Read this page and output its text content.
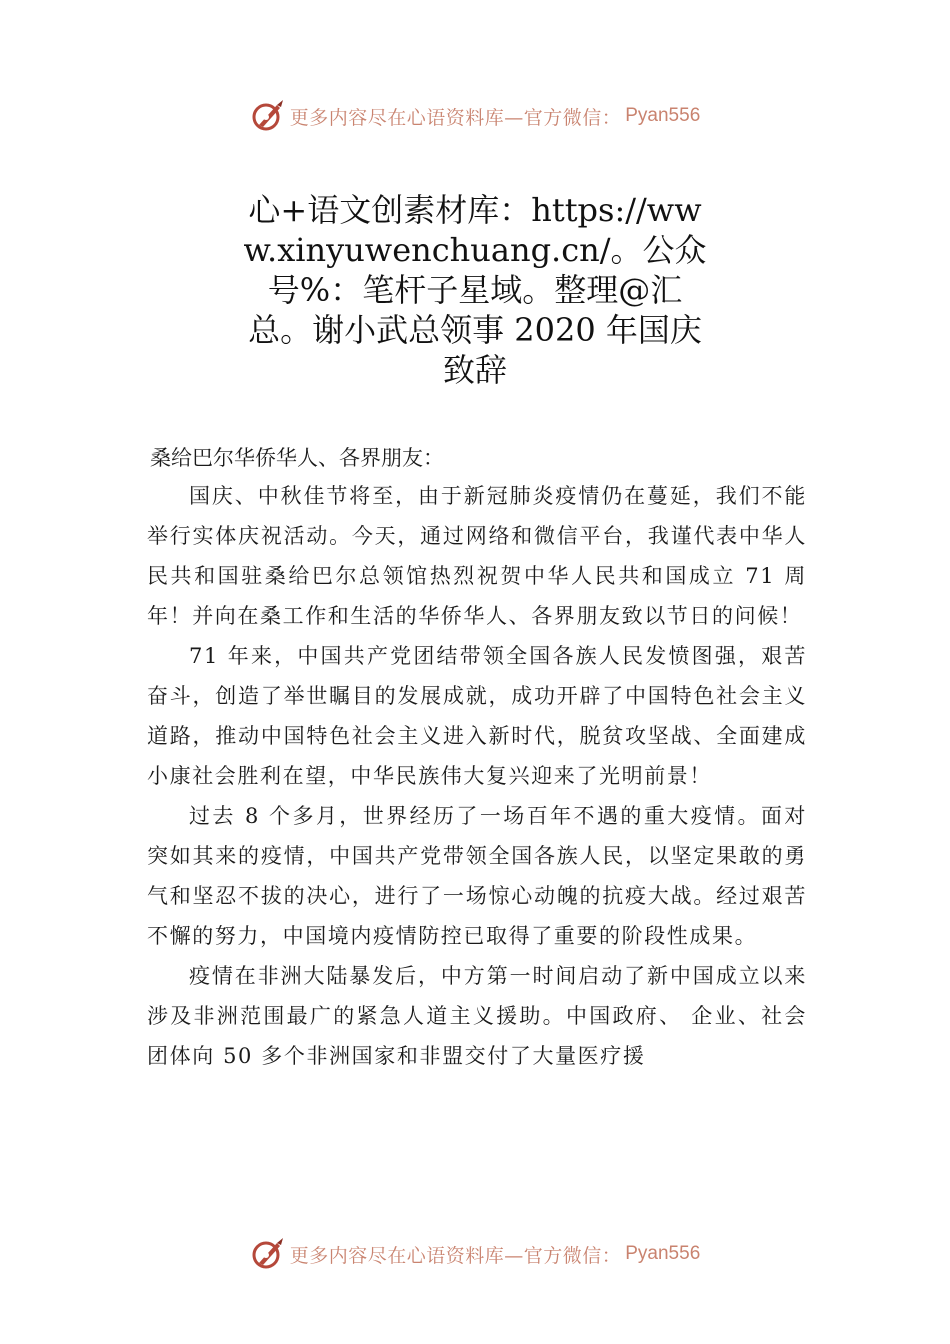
更多内容尽在心语资料库—官方微信： Pyan556
心+语文创素材库：https://www.xinyuwenchuang.cn/。公众号%：笔杆子星域。整理@汇总。谢小武总领事 2020 年国庆致辞

桑给巴尔华侨华人、各界朋友：

国庆、中秋佳节将至，由于新冠肺炎疫情仍在蔓延，我们不能举行实体庆祝活动。今天，通过网络和微信平台，我谨代表中华人民共和国驻桑给巴尔总领馆热烈祝贺中华人民共和国成立 71 周年！并向在桑工作和生活的华侨华人、各界朋友致以节日的问候！

71 年来，中国共产党团结带领全国各族人民发愤图强，艰苦奋斗，创造了举世瞩目的发展成就，成功开辟了中国特色社会主义道路，推动中国特色社会主义进入新时代，脱贫攻坚战、全面建成小康社会胜利在望，中华民族伟大复兴迎来了光明前景！

过去 8 个多月，世界经历了一场百年不遇的重大疫情。面对突如其来的疫情，中国共产党带领全国各族人民，以坚定果敢的勇气和坚忍不拔的决心，进行了一场惊心动魄的抗疫大战。经过艰苦不懈的努力，中国境内疫情防控已取得了重要的阶段性成果。

疫情在非洲大陆暴发后，中方第一时间启动了新中国成立以来涉及非洲范围最广的紧急人道主义援助。中国政府、 企业、社会团体向 50 多个非洲国家和非盟交付了大量医疗援

更多内容尽在心语资料库—官方微信： Pyan556
